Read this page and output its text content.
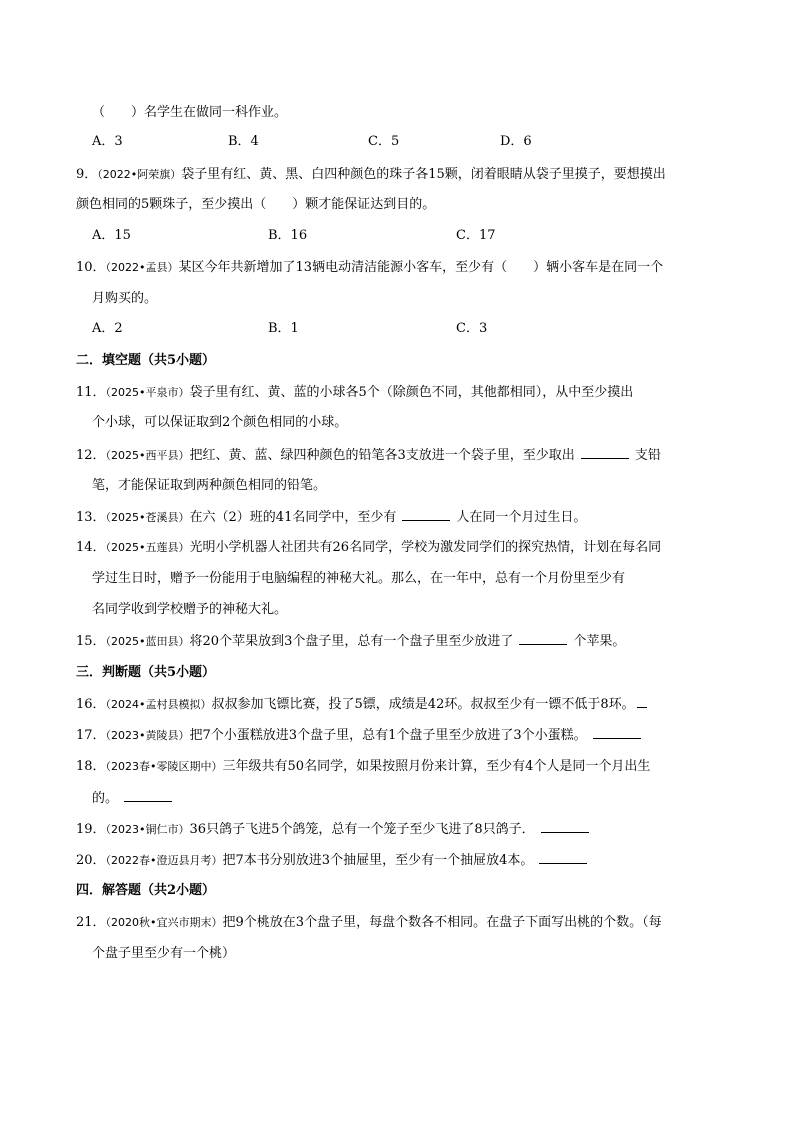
（　　）名学生在做同一科作业。
A．3	B．4	C．5	D．6
9．（2022•阿荣旗）袋子里有红、黄、黑、白四种颜色的珠子各15颗，闭着眼睛从袋子里摸子，要想摸出
颜色相同的5颗珠子，至少摸出（　　）颗才能保证达到目的。
A．15	B．16	C．17
10．（2022•孟县）某区今年共新增加了13辆电动清洁能源小客车，至少有（　　）辆小客车是在同一个
月购买的。
A．2	B．1	C．3
二．填空题（共5小题）
11．（2025•平泉市）袋子里有红、黄、蓝的小球各5个（除颜色不同，其他都相同），从中至少摸出
个小球，可以保证取到2个颜色相同的小球。
12．（2025•西平县）把红、黄、蓝、绿四种颜色的铅笔各3支放进一个袋子里，至少取出	支铅
笔，才能保证取到两种颜色相同的铅笔。
13．（2025•苍溪县）在六（2）班的41名同学中，至少有	人在同一个月过生日。
14．（2025•五莲县）光明小学机器人社团共有26名同学，学校为激发同学们的探究热情，计划在每名同
学过生日时，赠予一份能用于电脑编程的神秘大礼。那么，在一年中，总有一个月份里至少有
名同学收到学校赠予的神秘大礼。
15．（2025•蓝田县）将20个苹果放到3个盘子里，总有一个盘子里至少放进了	个苹果。
三．判断题（共5小题）
16．（2024•孟村县模拟）叔叔参加飞镖比赛，投了5镖，成绩是42环。叔叔至少有一镖不低于8环。
17．（2023•黄陵县）把7个小蛋糕放进3个盘子里，总有1个盘子里至少放进了3个小蛋糕。
18．（2023春•零陵区期中）三年级共有50名同学，如果按照月份来计算，至少有4个人是同一个月出生
的。
19．（2023•铜仁市）36只鸽子飞进5个鸽笼，总有一个笼子至少飞进了8只鸽子．
20．（2022春•澄迈县月考）把7本书分别放进3个抽屉里，至少有一个抽屉放4本。
四．解答题（共2小题）
21．（2020秋•宜兴市期末）把9个桃放在3个盘子里，每盘个数各不相同。在盘子下面写出桃的个数。（每
个盘子里至少有一个桃）
